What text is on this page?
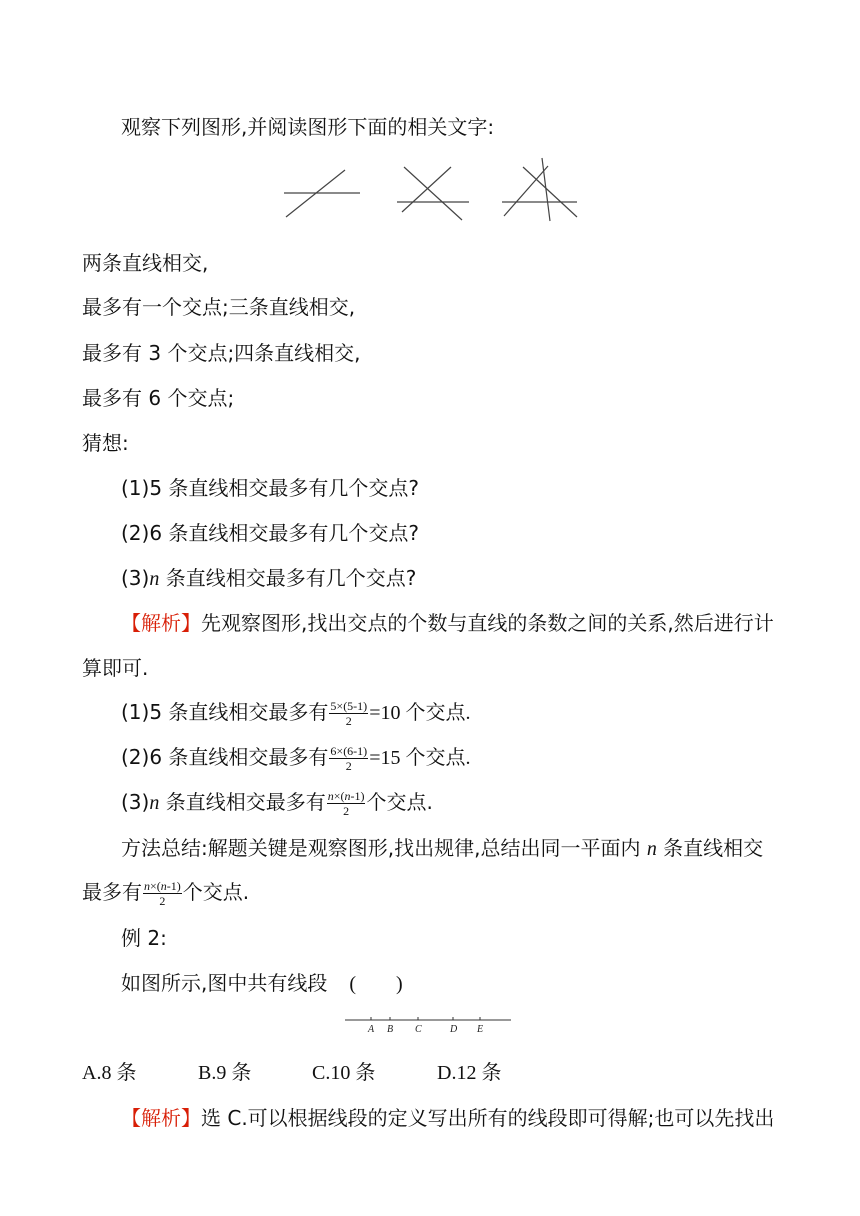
观察下列图形,并阅读图形下面的相关文字:
两条直线相交,
最多有一个交点;三条直线相交,
最多有 3 个交点;四条直线相交,
最多有 6 个交点;
猜想:
(1)5 条直线相交最多有几个交点?
(2)6 条直线相交最多有几个交点?
(3)n 条直线相交最多有几个交点?
【解析】先观察图形,找出交点的个数与直线的条数之间的关系,然后进行计
算即可.
(1)5 条直线相交最多有 $\frac{5\times(5-1)}{2} =10$ 个交点.
(2)6 条直线相交最多有 $\frac{6\times(6-1)}{2} =15$ 个交点.
(3)n 条直线相交最多有 $\frac{n\times(n-1)}{2}$ 个交点.
方法总结:解题关键是观察图形,找出规律,总结出同一平面内 n 条直线相交
最多有 $\frac{n\times(n-1)}{2}$ 个交点.
例 2:
如图所示,图中共有线段 (        )
A B C	D E
A.8 条	B.9 条	C.10 条	D.12 条
【解析】选 C.可以根据线段的定义写出所有的线段即可得解;也可以先找出
